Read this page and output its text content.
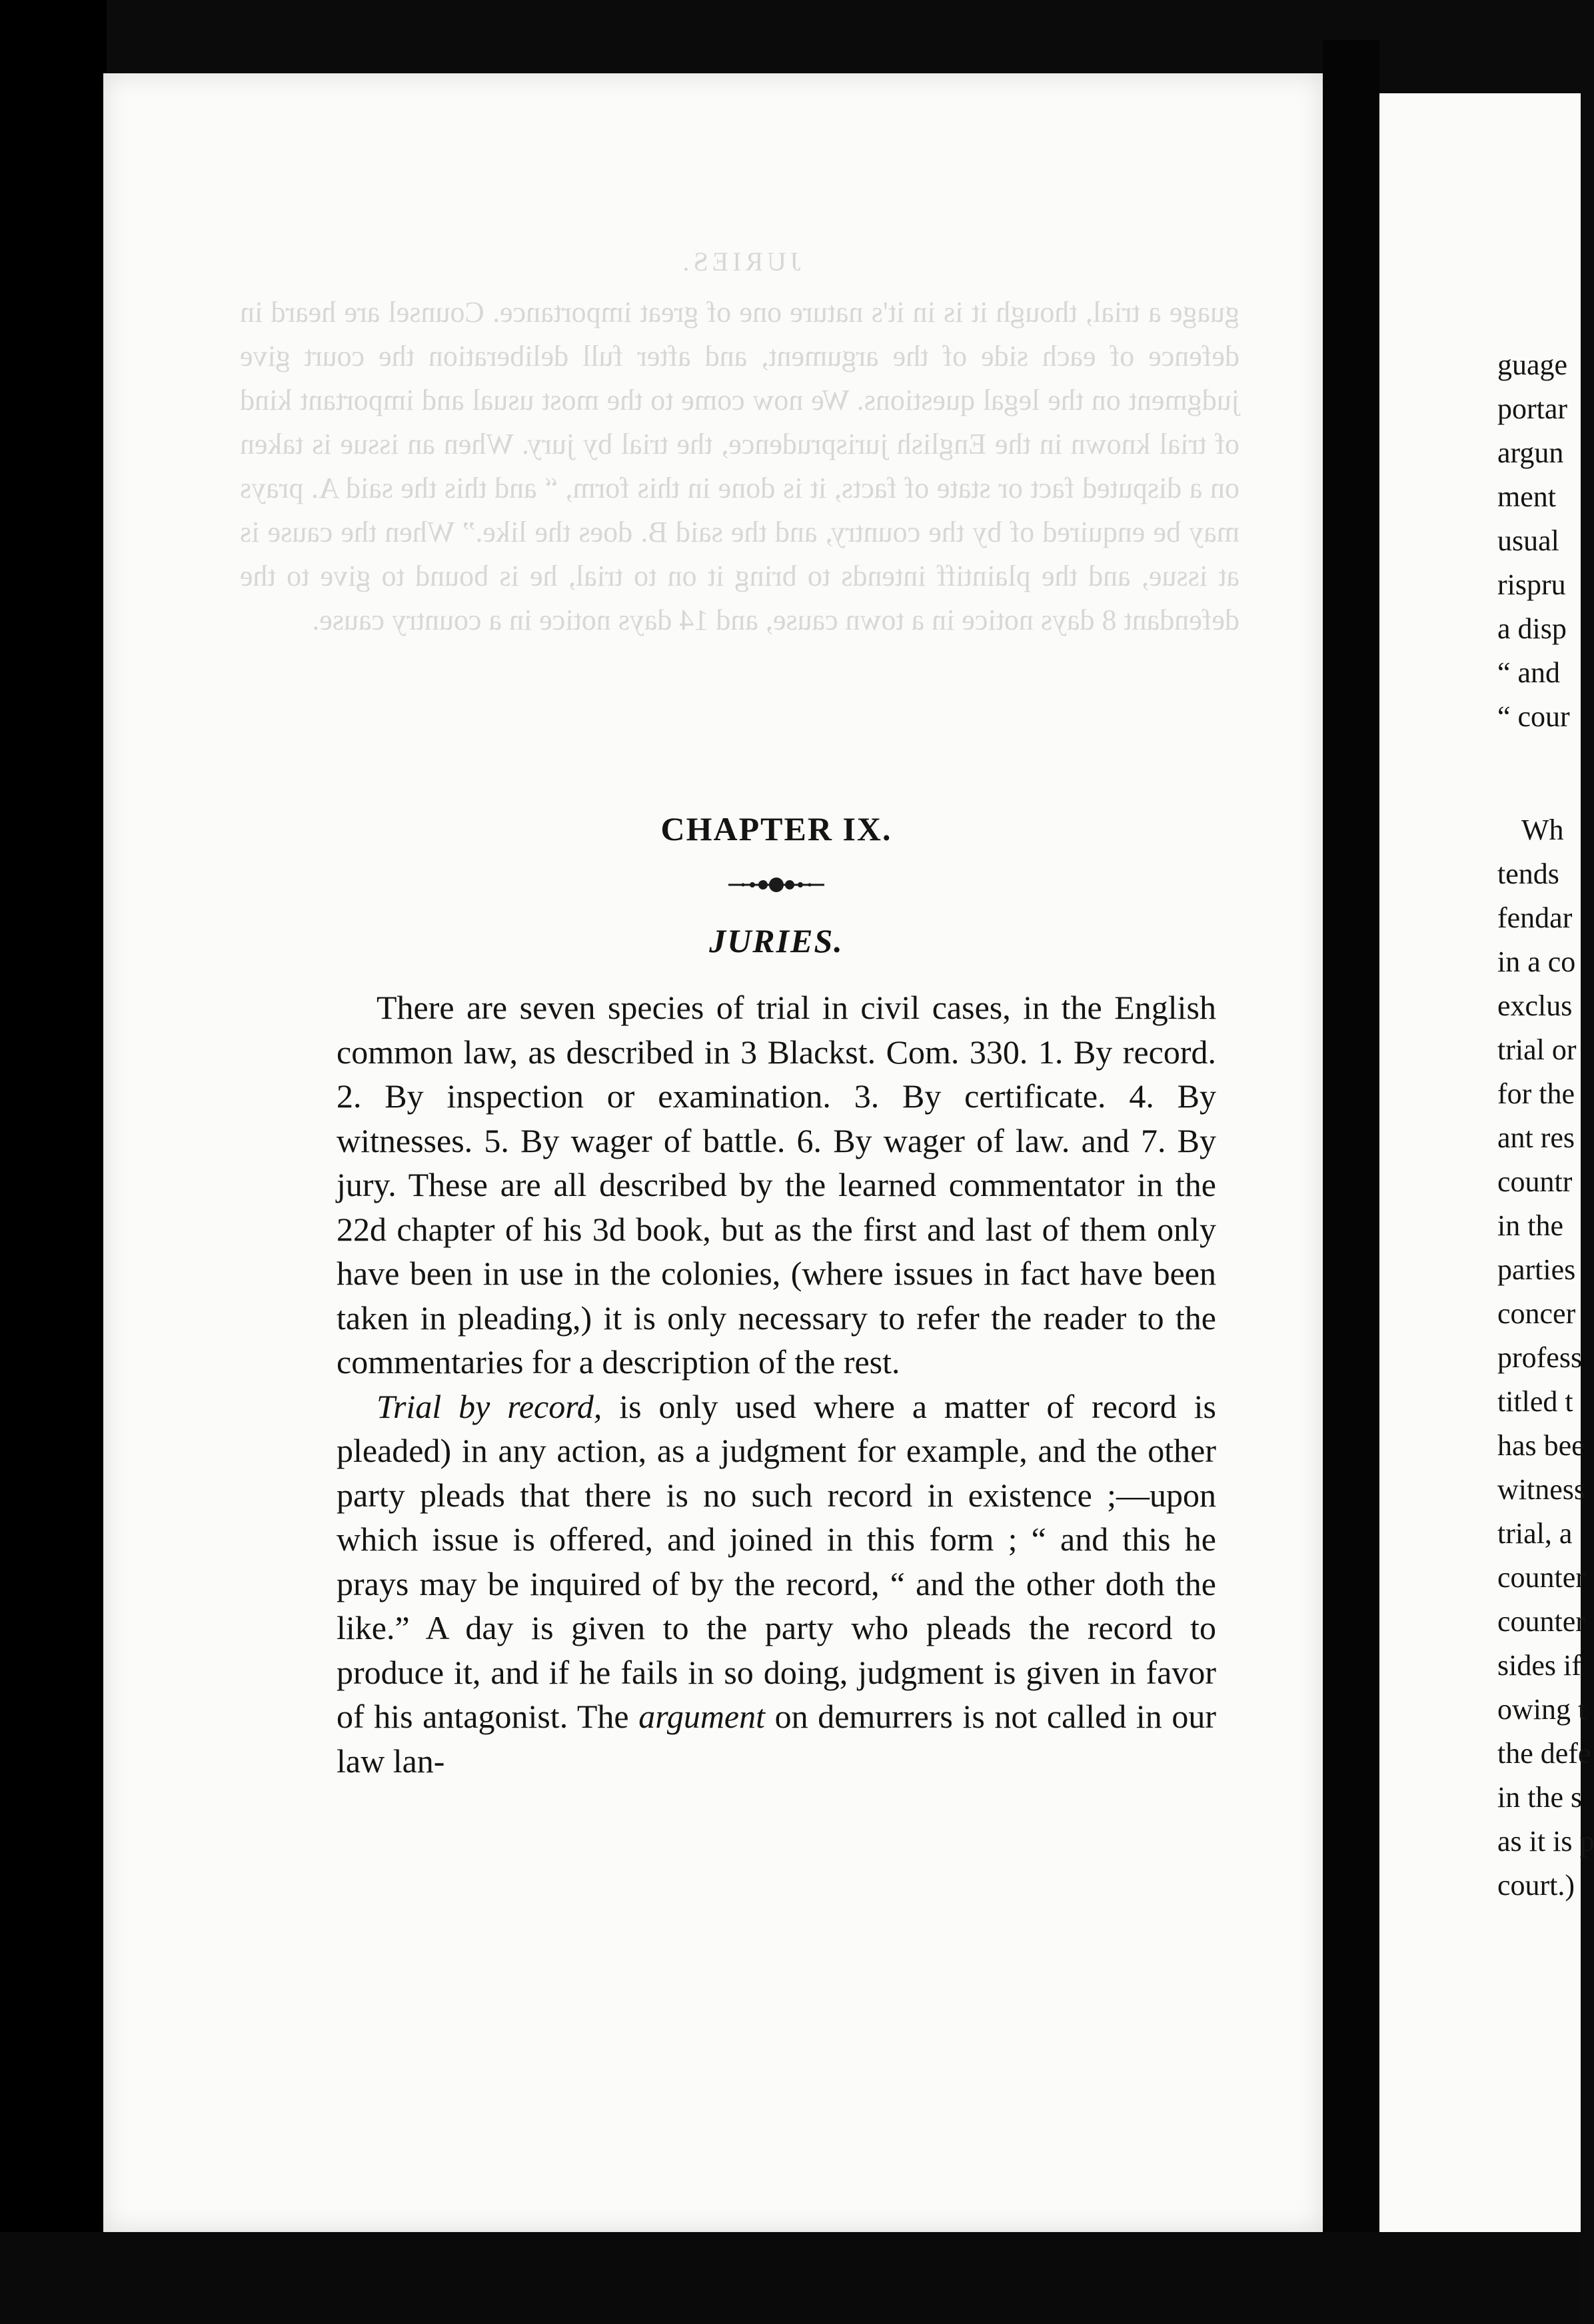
JURIES.

guage a trial, though it is in it's nature one of great importance. Counsel are heard in defence of each side of the argument, and after full deliberation the court give judgment on the legal questions. We now come to the most usual and important kind of trial known in the English jurisprudence, the trial by jury. When an issue is taken on a disputed fact or state of facts, it is done in this form, “ and this the said A. prays may be enquired of by the country, and the said B. does the like.” When the cause is at issue, and the plaintiff intends to bring it on to trial, he is bound to give to the defendant 8 days notice in a town cause, and 14 days notice in a country cause.

CHAPTER IX.
JURIES.

There are seven species of trial in civil cases, in the English common law, as described in 3 Blackst. Com. 330. 1. By record. 2. By inspection or examination. 3. By certificate. 4. By witnesses. 5. By wager of battle. 6. By wager of law. and 7. By jury. These are all described by the learned commentator in the 22d chapter of his 3d book, but as the first and last of them only have been in use in the colonies, (where issues in fact have been taken in pleading,) it is only necessary to refer the reader to the commentaries for a description of the rest.

Trial by record, is only used where a matter of record is pleaded) in any action, as a judgment for example, and the other party pleads that there is no such record in existence ;—upon which issue is offered, and joined in this form ; “ and this he prays may be inquired of by the record, “ and the other doth the like.” A day is given to the party who pleads the record to produce it, and if he fails in so doing, judgment is given in favor of his antagonist. The argument on demurrers is not called in our law lan-

guage
portar
argun
ment
usual
rispru
a disp
“ and
“ cour
Wh
tends
fendar
in a co
exclus
trial or
for the
ant res
countr
in the
parties
concer
profess
titled t
has bee
witness
trial, a
counter
counter
sides if
owing t
the defe
in the s
as it is p
court.)
